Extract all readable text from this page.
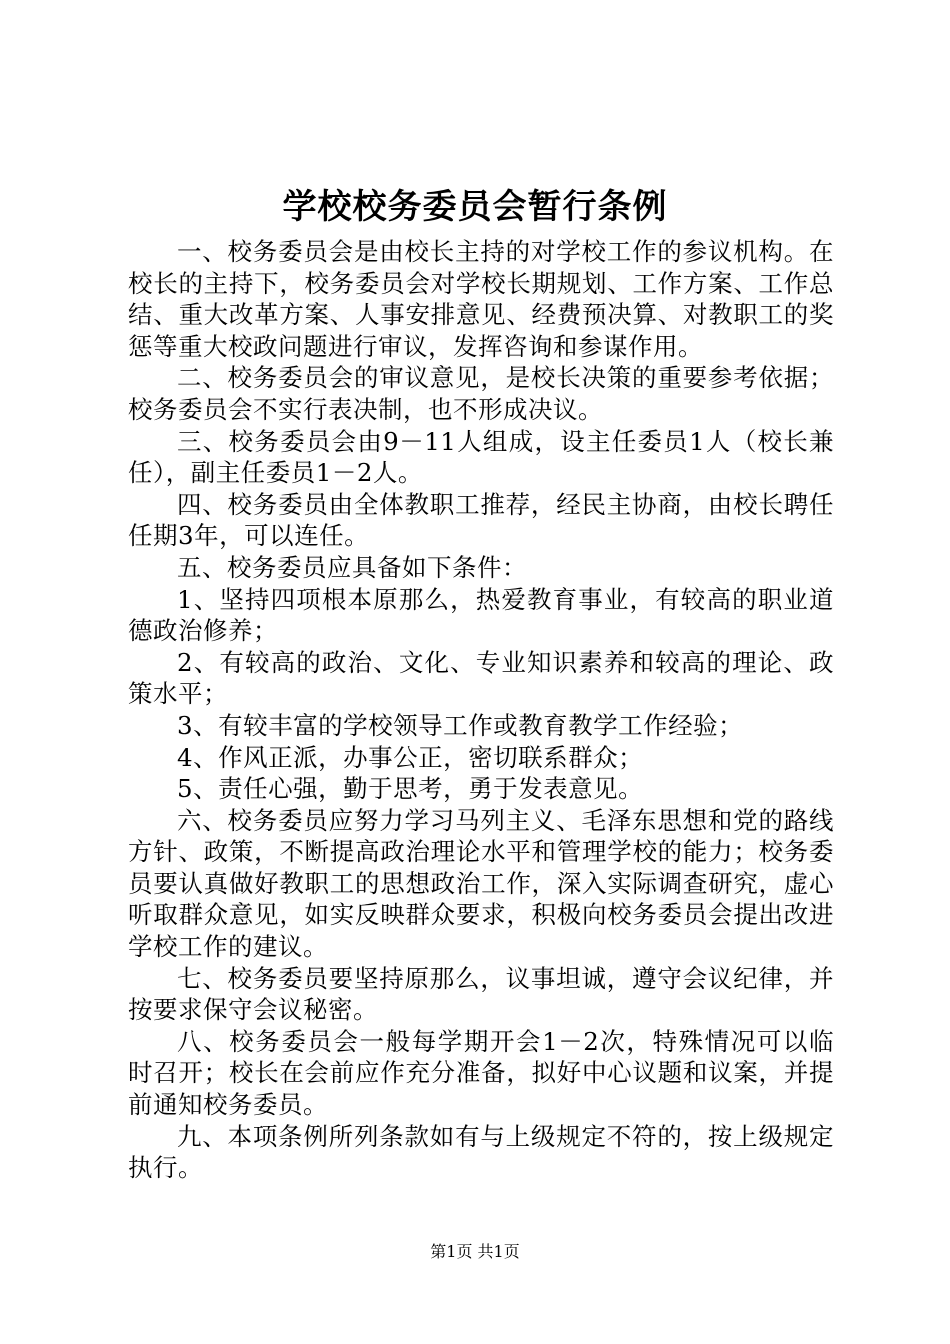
学校校务委员会暂行条例

一、校务委员会是由校长主持的对学校工作的参议机构。在校长的主持下，校务委员会对学校长期规划、工作方案、工作总结、重大改革方案、人事安排意见、经费预决算、对教职工的奖惩等重大校政问题进行审议，发挥咨询和参谋作用。

二、校务委员会的审议意见，是校长决策的重要参考依据；校务委员会不实行表决制，也不形成决议。

三、校务委员会由9－11人组成，设主任委员1人（校长兼任），副主任委员1－2人。

四、校务委员由全体教职工推荐，经民主协商，由校长聘任任期3年，可以连任。

五、校务委员应具备如下条件：

1、坚持四项根本原那么，热爱教育事业，有较高的职业道德政治修养；

2、有较高的政治、文化、专业知识素养和较高的理论、政策水平；

3、有较丰富的学校领导工作或教育教学工作经验；

4、作风正派，办事公正，密切联系群众；

5、责任心强，勤于思考，勇于发表意见。

六、校务委员应努力学习马列主义、毛泽东思想和党的路线方针、政策，不断提高政治理论水平和管理学校的能力；校务委员要认真做好教职工的思想政治工作，深入实际调查研究，虚心听取群众意见，如实反映群众要求，积极向校务委员会提出改进学校工作的建议。

七、校务委员要坚持原那么，议事坦诚，遵守会议纪律，并按要求保守会议秘密。

八、校务委员会一般每学期开会1－2次，特殊情况可以临时召开；校长在会前应作充分准备，拟好中心议题和议案，并提前通知校务委员。

九、本项条例所列条款如有与上级规定不符的，按上级规定执行。

第1页 共1页
